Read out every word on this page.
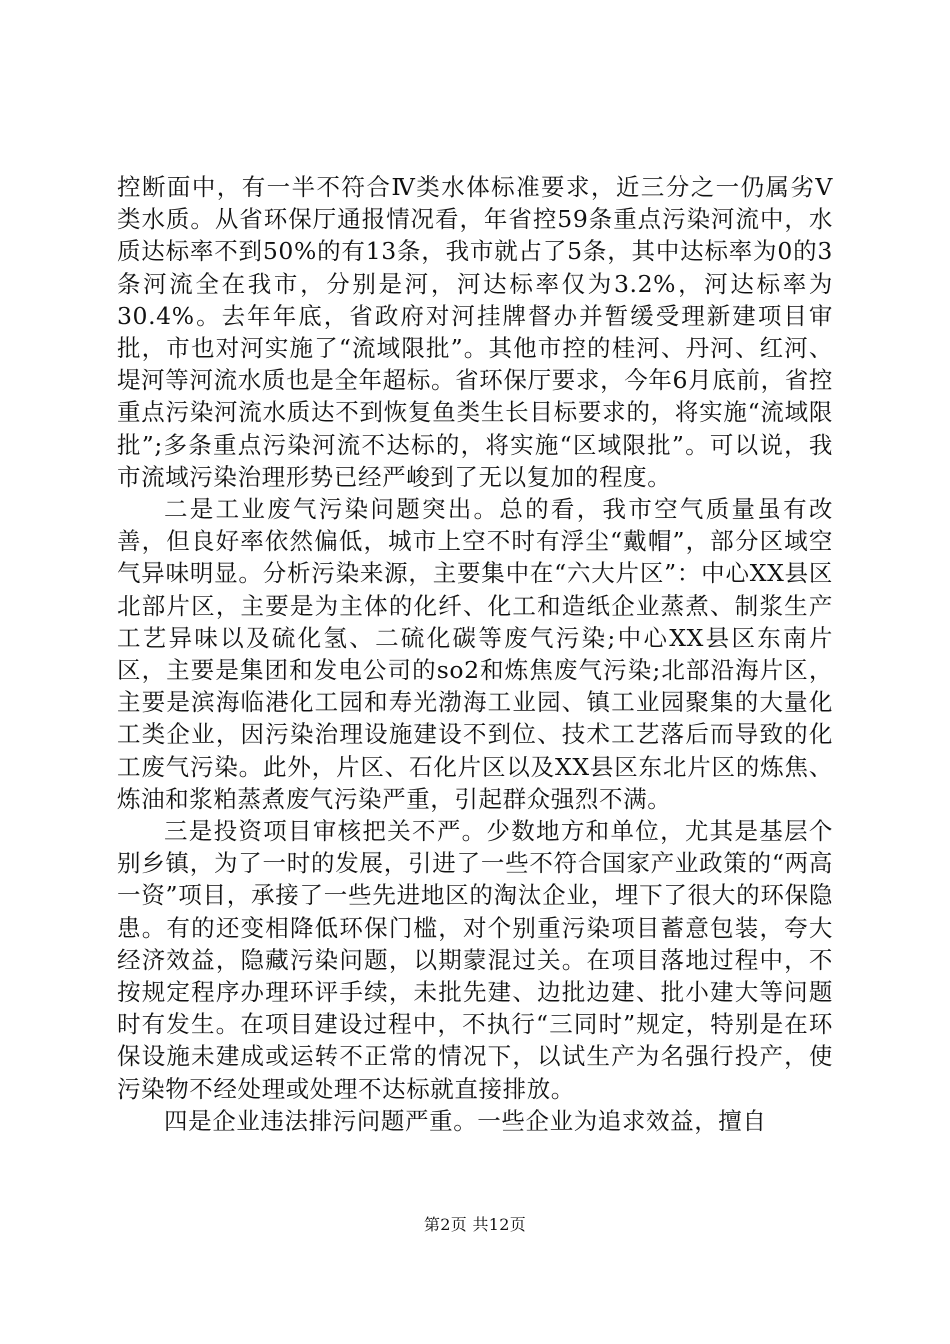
控断面中，有一半不符合Ⅳ类水体标准要求，近三分之一仍属劣Ⅴ类水质。从省环保厅通报情况看，年省控59条重点污染河流中，水质达标率不到50%的有13条，我市就占了5条，其中达标率为0的3条河流全在我市，分别是河，河达标率仅为3.2%，河达标率为30.4%。去年年底，省政府对河挂牌督办并暂缓受理新建项目审批，市也对河实施了“流域限批”。其他市控的桂河、丹河、红河、堤河等河流水质也是全年超标。省环保厅要求，今年6月底前，省控重点污染河流水质达不到恢复鱼类生长目标要求的，将实施“流域限批”;多条重点污染河流不达标的，将实施“区域限批”。可以说，我市流域污染治理形势已经严峻到了无以复加的程度。

二是工业废气污染问题突出。总的看，我市空气质量虽有改善，但良好率依然偏低，城市上空不时有浮尘“戴帽”，部分区域空气异味明显。分析污染来源，主要集中在“六大片区”：中心XX县区北部片区，主要是为主体的化纤、化工和造纸企业蒸煮、制浆生产工艺异味以及硫化氢、二硫化碳等废气污染;中心XX县区东南片区，主要是集团和发电公司的so2和炼焦废气污染;北部沿海片区，主要是滨海临港化工园和寿光渤海工业园、镇工业园聚集的大量化工类企业，因污染治理设施建设不到位、技术工艺落后而导致的化工废气污染。此外，片区、石化片区以及XX县区东北片区的炼焦、炼油和浆粕蒸煮废气污染严重，引起群众强烈不满。

三是投资项目审核把关不严。少数地方和单位，尤其是基层个别乡镇，为了一时的发展，引进了一些不符合国家产业政策的“两高一资”项目，承接了一些先进地区的淘汰企业，埋下了很大的环保隐患。有的还变相降低环保门槛，对个别重污染项目蓄意包装，夸大经济效益，隐藏污染问题，以期蒙混过关。在项目落地过程中，不按规定程序办理环评手续，未批先建、边批边建、批小建大等问题时有发生。在项目建设过程中，不执行“三同时”规定，特别是在环保设施未建成或运转不正常的情况下，以试生产为名强行投产，使污染物不经处理或处理不达标就直接排放。

四是企业违法排污问题严重。一些企业为追求效益，擅自

第2页 共12页
